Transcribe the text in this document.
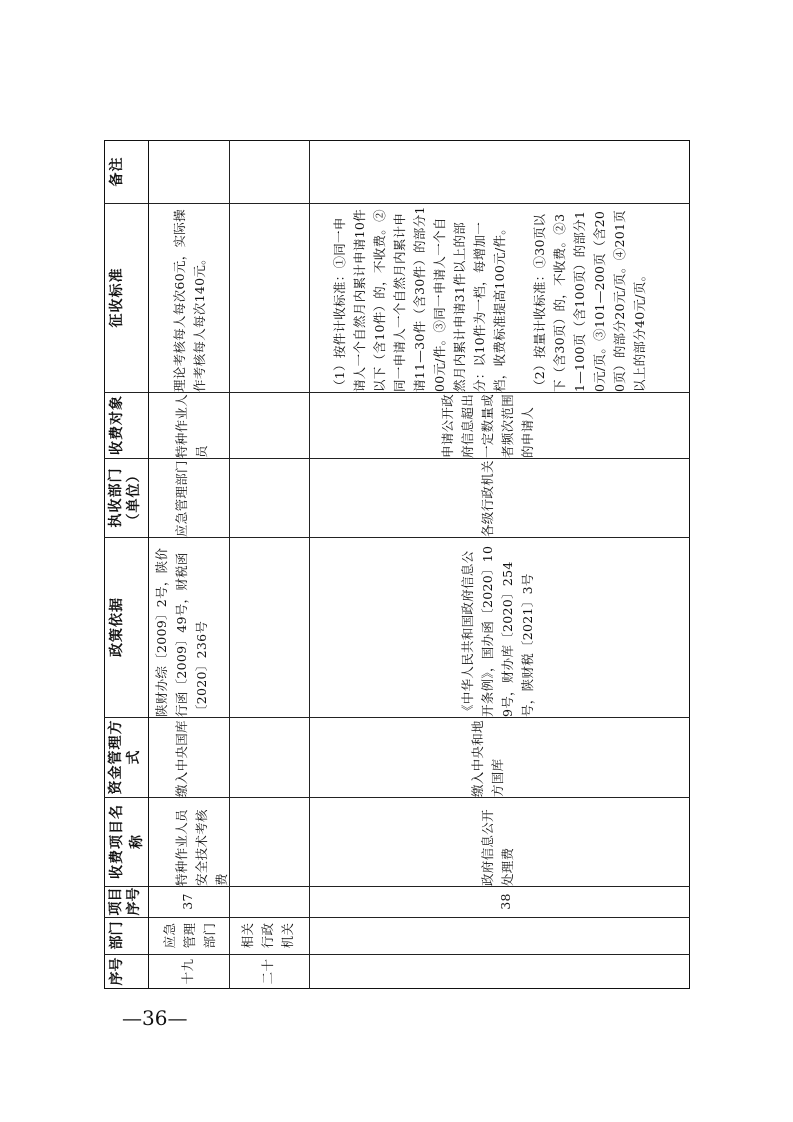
备注
征收标准
收费对象
执收部门（单位）
政策依据
资金管理方式
收费项目名称
项目序号
部门
序号
理论考核每人每次60元，实际操作考核每人每次140元。
特种作业人员
应急管理部门
陕财办综〔2009〕2号，陕价行函〔2009〕49号，财税函〔2020〕236号
缴入中央国库
特种作业人员安全技术考核费
37
应急管理部门
十九
相关行政机关
二十
（1）按件计收标准：①同一申请人一个自然月内累计申请10件以下（含10件）的，不收费。②同一申请人一个自然月内累计申请11—30件（含30件）的部分100元/件。③同一申请人一个自然月内累计申请31件以上的部分：以10件为一档，每增加一档，收费标准提高100元/件。 （2）按量计收标准：①30页以下（含30页）的，不收费。②31—100页（含100页）的部分10元/页。③101—200页（含200页）的部分20元/页。④201页以上的部分40元/页。
申请公开政府信息超出一定数量或者频次范围的申请人
各级行政机关
《中华人民共和国政府信息公开条例》，国办函〔2020〕109号，财办库〔2020〕254号，陕财税〔2021〕3号
缴入中央和地方国库
政府信息公开处理费
38
—36—
